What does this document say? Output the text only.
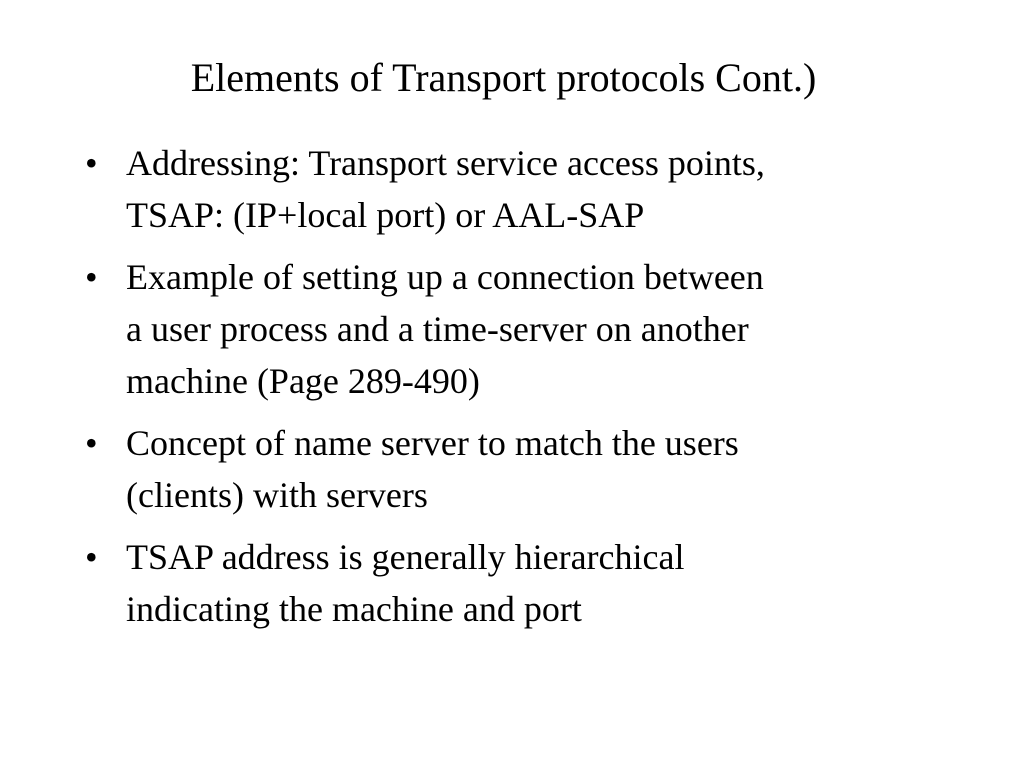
Elements of Transport protocols Cont.)
• Addressing: Transport service access points,
TSAP: (IP+local port) or AAL-SAP
• Example of setting up a connection between
a user process and a time-server on another
machine (Page 289-490)
• Concept of name server to match the users
(clients) with servers
• TSAP address is generally hierarchical
indicating the machine and port
